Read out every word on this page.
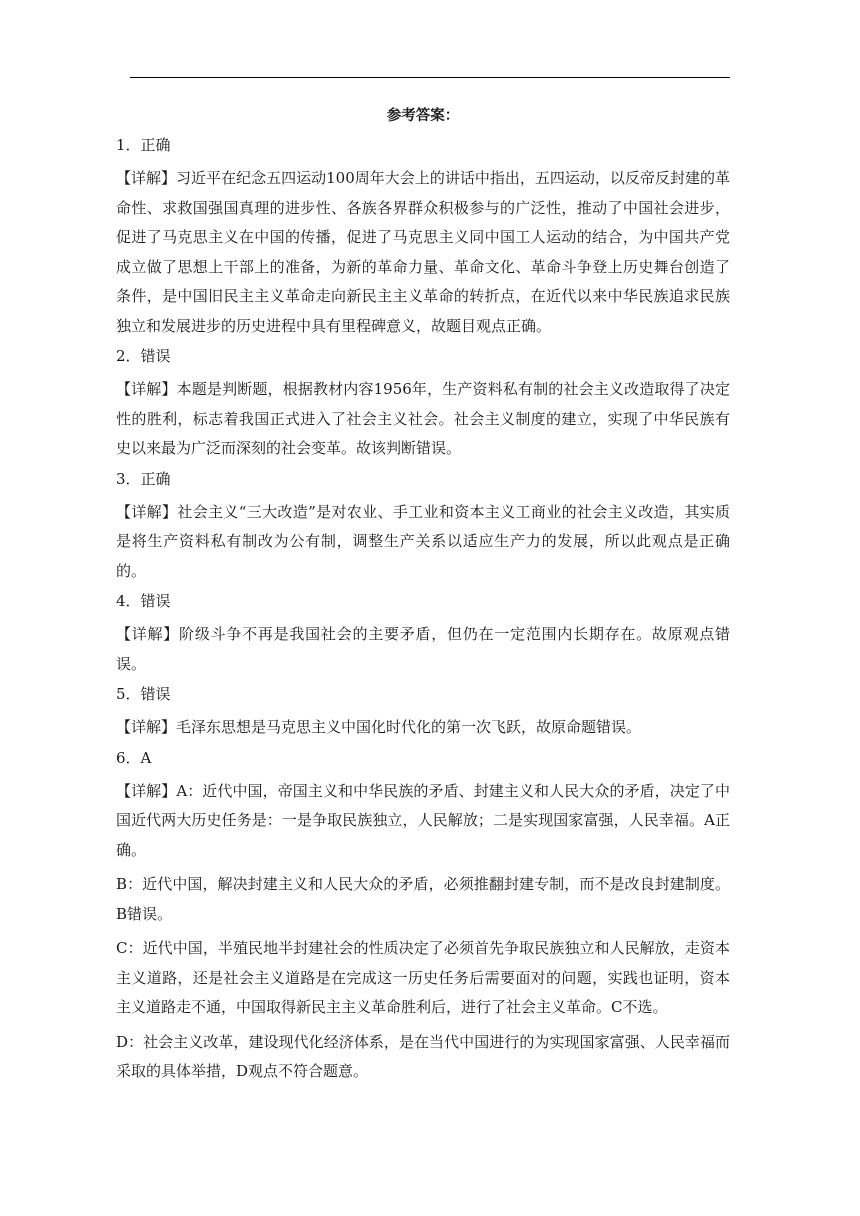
参考答案：
1．正确
【详解】习近平在纪念五四运动100周年大会上的讲话中指出，五四运动，以反帝反封建的革命性、求救国强国真理的进步性、各族各界群众积极参与的广泛性，推动了中国社会进步，促进了马克思主义在中国的传播，促进了马克思主义同中国工人运动的结合，为中国共产党成立做了思想上干部上的准备，为新的革命力量、革命文化、革命斗争登上历史舞台创造了条件，是中国旧民主主义革命走向新民主主义革命的转折点，在近代以来中华民族追求民族独立和发展进步的历史进程中具有里程碑意义，故题目观点正确。
2．错误
【详解】本题是判断题，根据教材内容1956年，生产资料私有制的社会主义改造取得了决定性的胜利，标志着我国正式进入了社会主义社会。社会主义制度的建立，实现了中华民族有史以来最为广泛而深刻的社会变革。故该判断错误。
3．正确
【详解】社会主义“三大改造”是对农业、手工业和资本主义工商业的社会主义改造，其实质是将生产资料私有制改为公有制，调整生产关系以适应生产力的发展，所以此观点是正确的。
4．错误
【详解】阶级斗争不再是我国社会的主要矛盾，但仍在一定范围内长期存在。故原观点错误。
5．错误
【详解】毛泽东思想是马克思主义中国化时代化的第一次飞跃，故原命题错误。
6．A
【详解】A：近代中国，帝国主义和中华民族的矛盾、封建主义和人民大众的矛盾，决定了中国近代两大历史任务是：一是争取民族独立，人民解放；二是实现国家富强，人民幸福。A正确。
B：近代中国，解决封建主义和人民大众的矛盾，必须推翻封建专制，而不是改良封建制度。B错误。
C：近代中国，半殖民地半封建社会的性质决定了必须首先争取民族独立和人民解放，走资本主义道路，还是社会主义道路是在完成这一历史任务后需要面对的问题，实践也证明，资本主义道路走不通，中国取得新民主主义革命胜利后，进行了社会主义革命。C不选。
D：社会主义改革，建设现代化经济体系，是在当代中国进行的为实现国家富强、人民幸福而采取的具体举措，D观点不符合题意。
